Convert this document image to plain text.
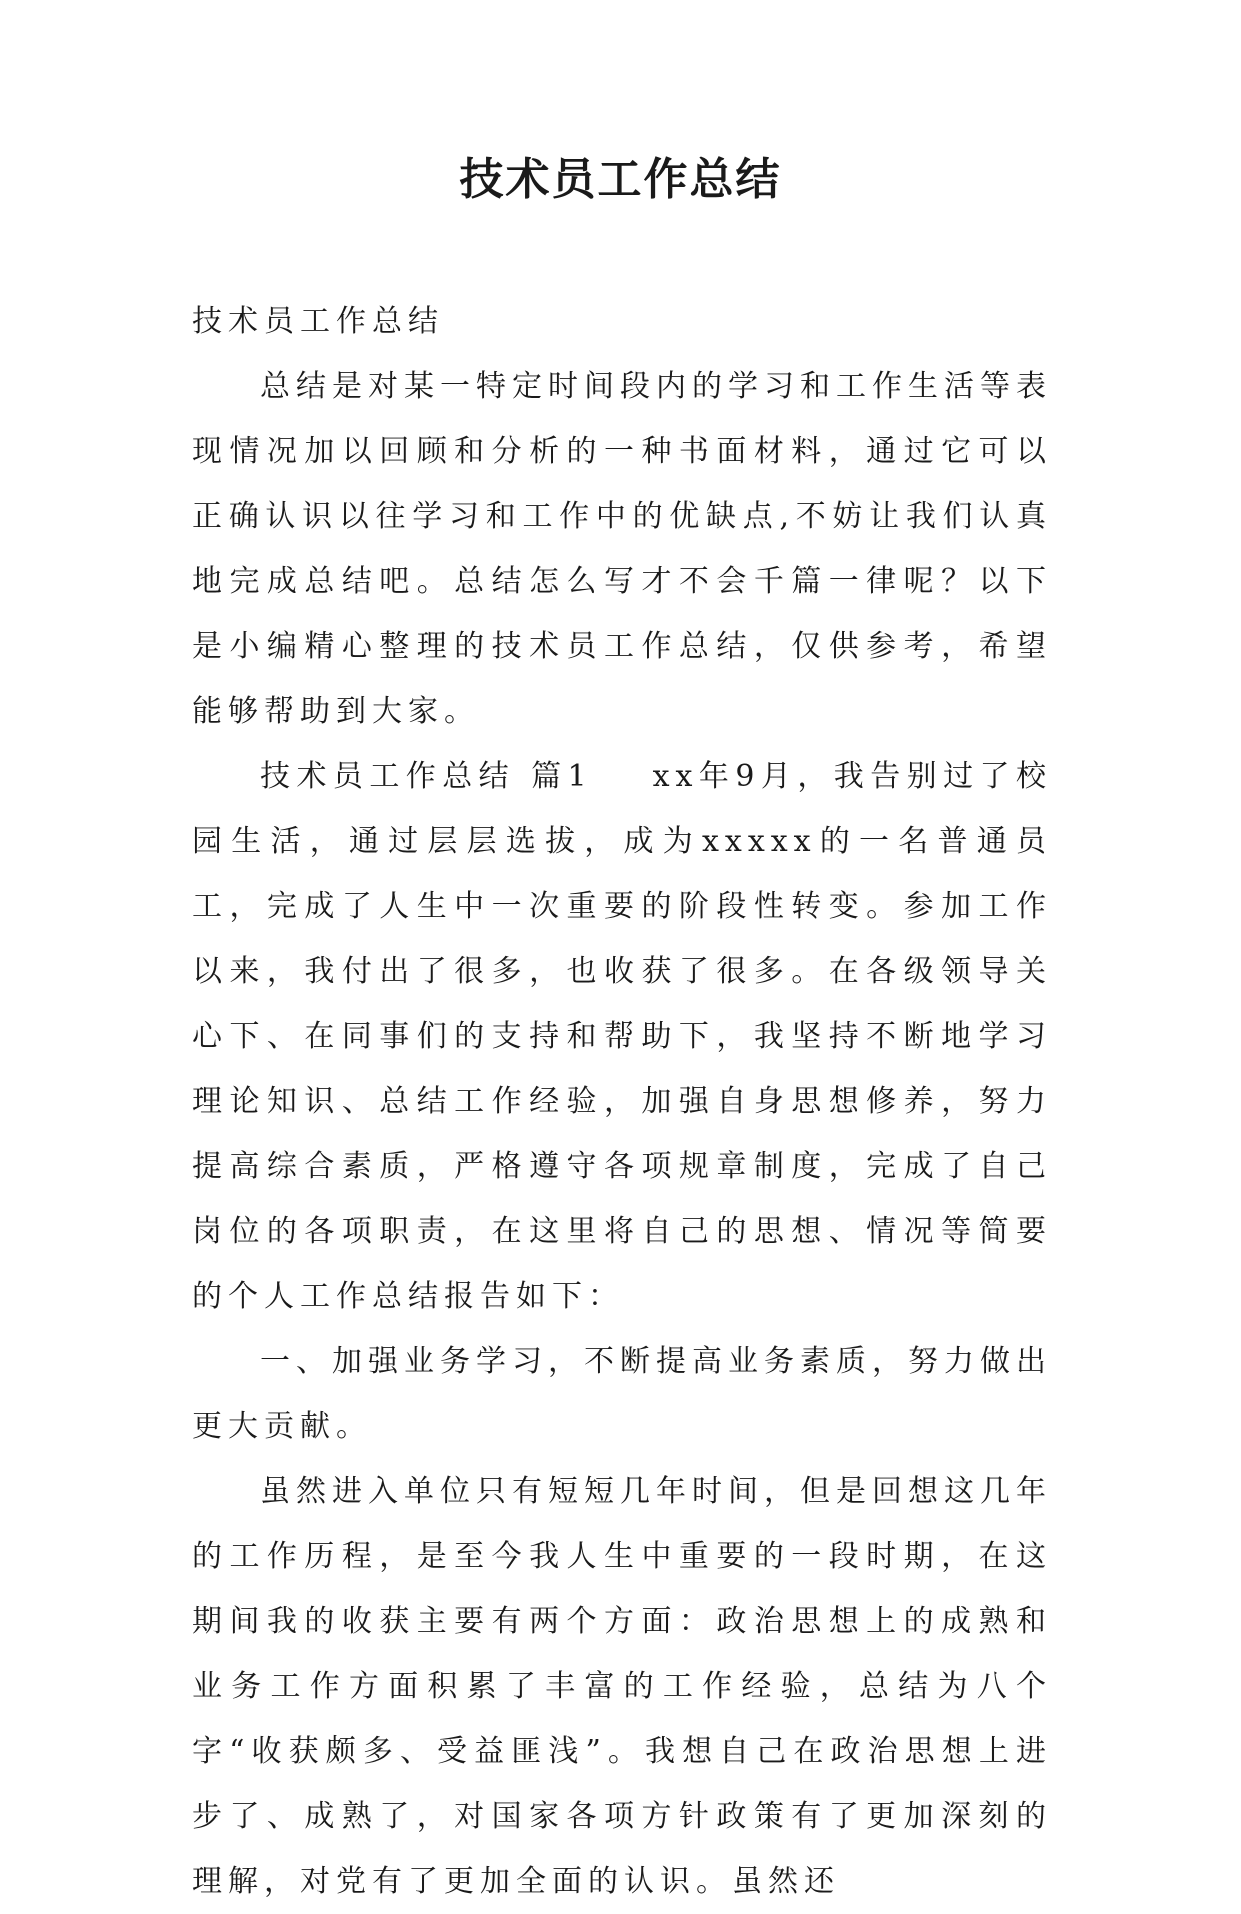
技术员工作总结

技术员工作总结

总结是对某一特定时间段内的学习和工作生活等表现情况加以回顾和分析的一种书面材料，通过它可以正确认识以往学习和工作中的优缺点,不妨让我们认真地完成总结吧。总结怎么写才不会千篇一律呢？以下是小编精心整理的技术员工作总结，仅供参考，希望能够帮助到大家。

技术员工作总结 篇1 xx年9月，我告别过了校园生活，通过层层选拔，成为xxxxx的一名普通员工，完成了人生中一次重要的阶段性转变。参加工作以来，我付出了很多，也收获了很多。在各级领导关心下、在同事们的支持和帮助下，我坚持不断地学习理论知识、总结工作经验，加强自身思想修养，努力提高综合素质，严格遵守各项规章制度，完成了自己岗位的各项职责，在这里将自己的思想、情况等简要的个人工作总结报告如下：

一、加强业务学习，不断提高业务素质，努力做出更大贡献。

虽然进入单位只有短短几年时间，但是回想这几年的工作历程，是至今我人生中重要的一段时期，在这期间我的收获主要有两个方面：政治思想上的成熟和业务工作方面积累了丰富的工作经验，总结为八个字“收获颇多、受益匪浅”。我想自己在政治思想上进步了、成熟了，对国家各项方针政策有了更加深刻的理解，对党有了更加全面的认识。虽然还
